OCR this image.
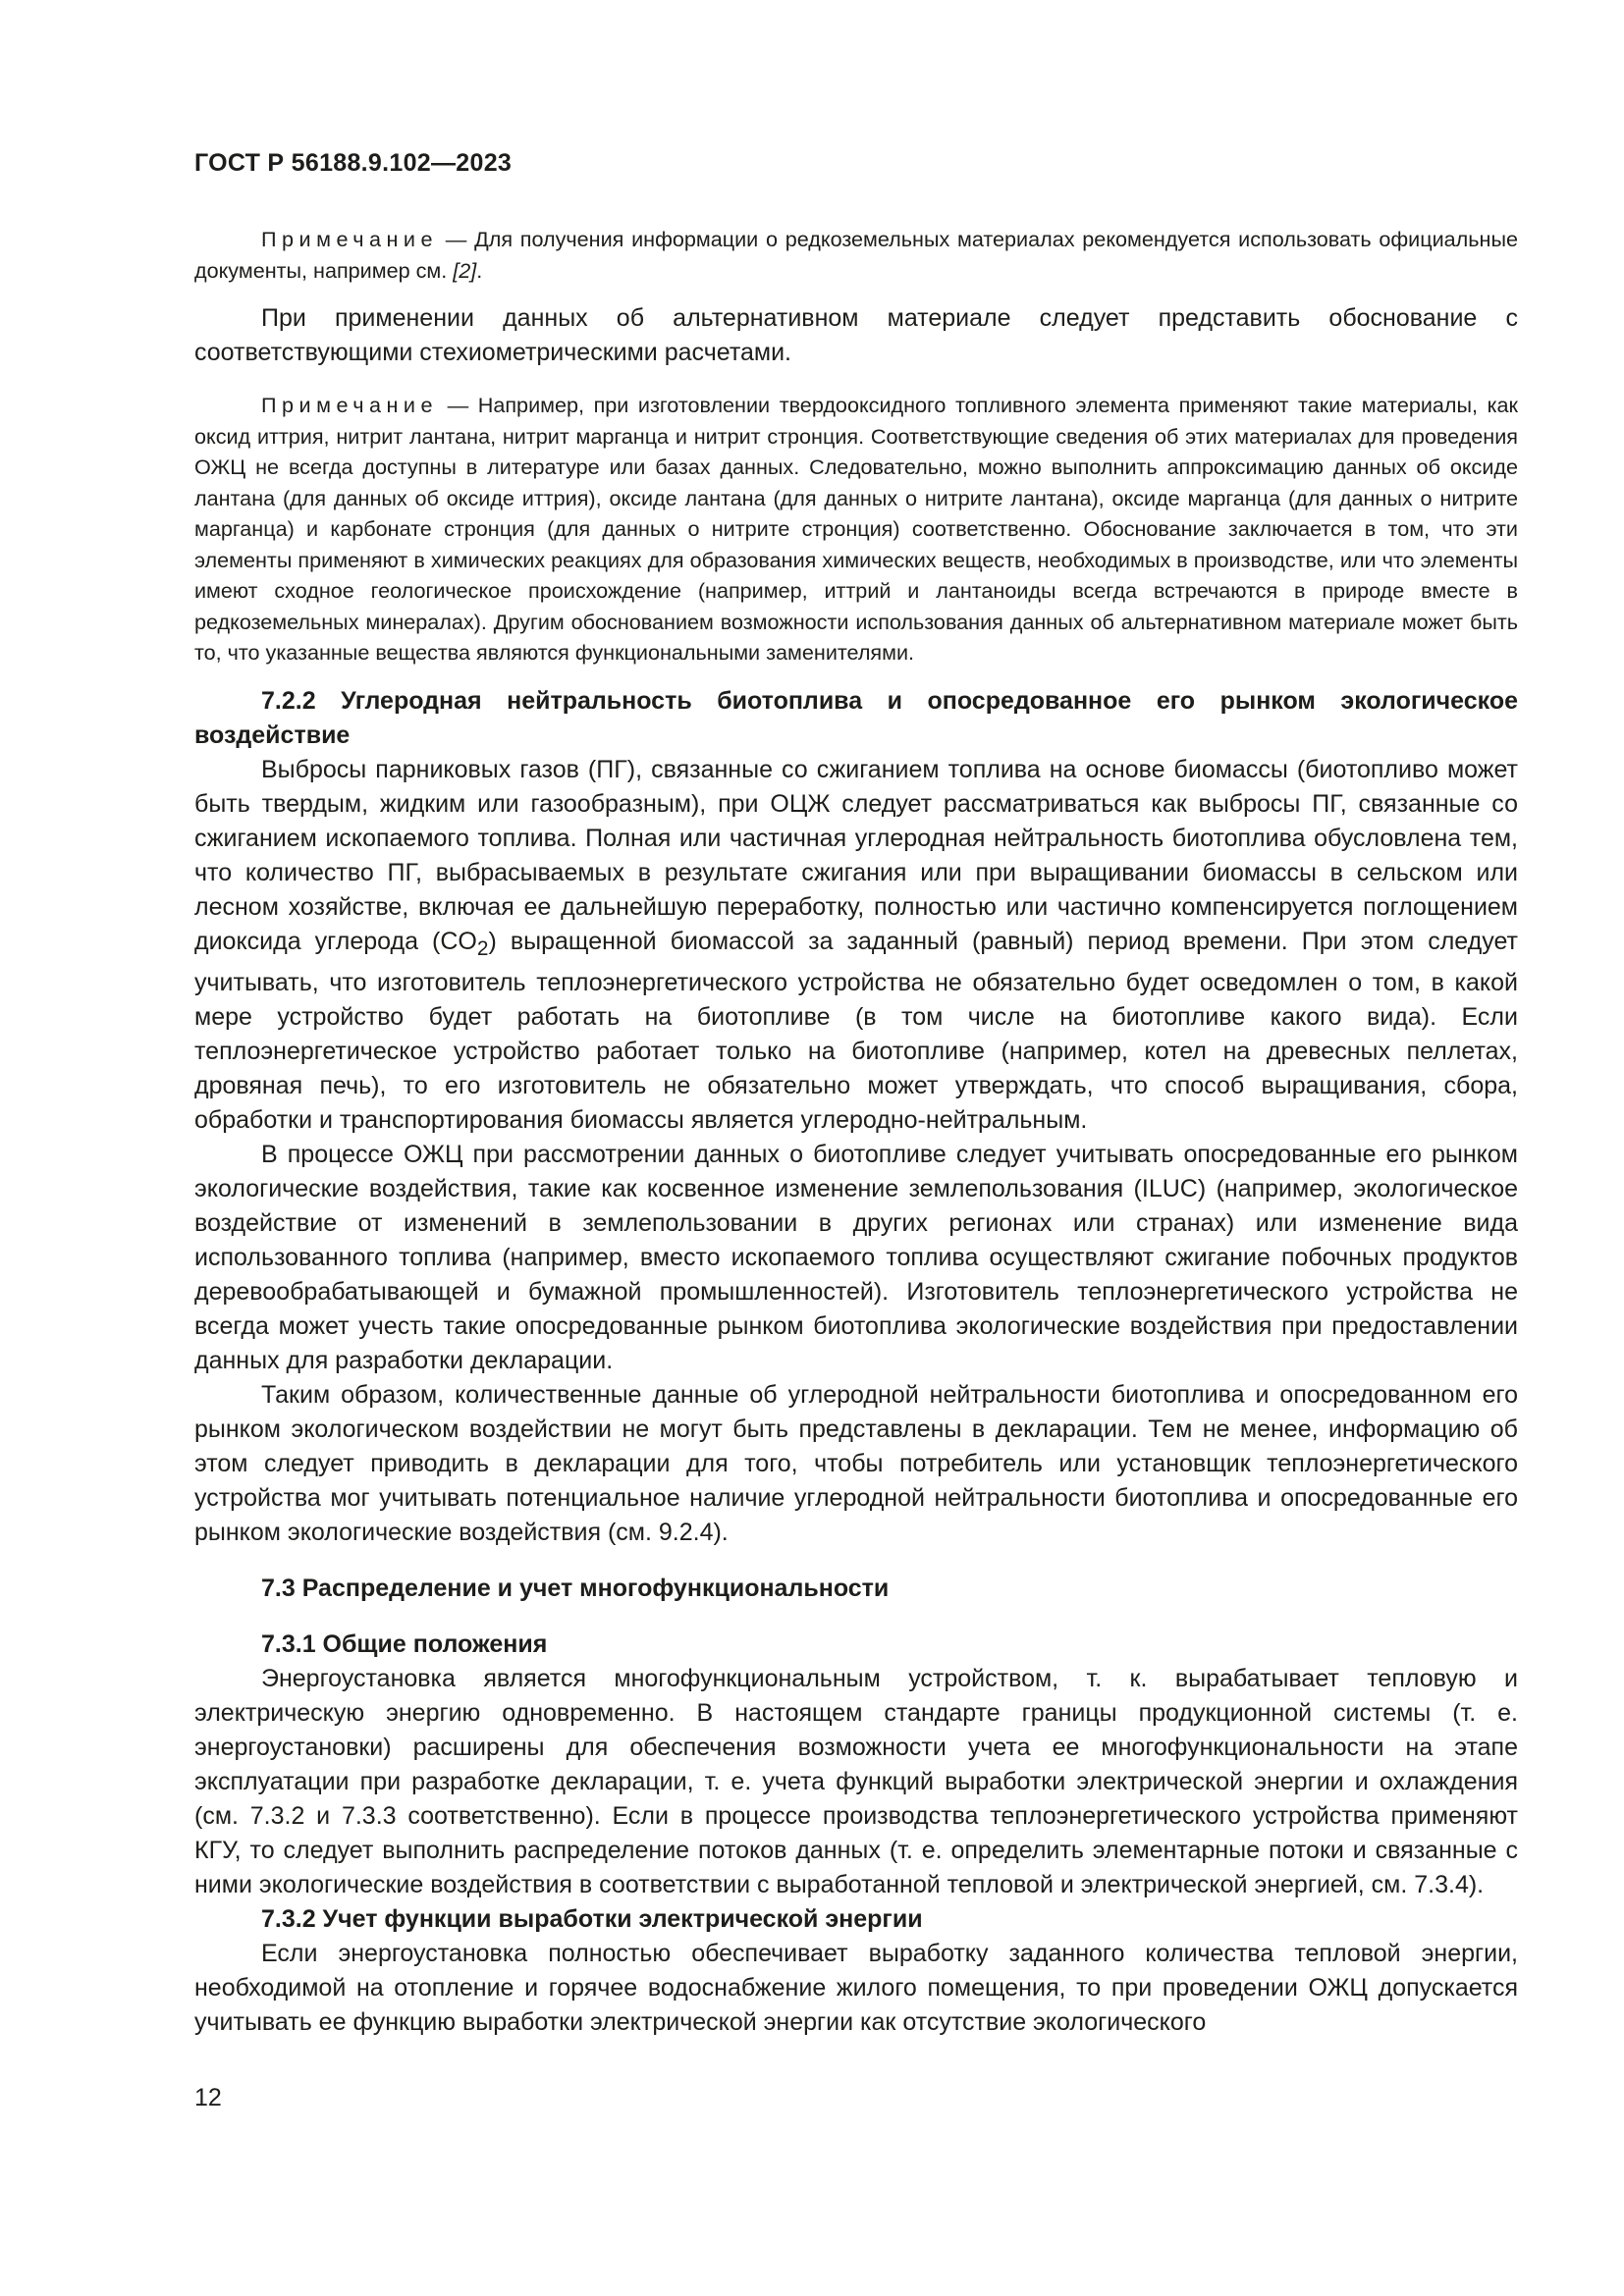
ГОСТ Р 56188.9.102—2023

Примечание — Для получения информации о редкоземельных материалах рекомендуется использовать официальные документы, например см. [2].

При применении данных об альтернативном материале следует представить обоснование с соответствующими стехиометрическими расчетами.

Примечание — Например, при изготовлении твердооксидного топливного элемента применяют такие материалы, как оксид иттрия, нитрит лантана, нитрит марганца и нитрит стронция. Соответствующие сведения об этих материалах для проведения ОЖЦ не всегда доступны в литературе или базах данных. Следовательно, можно выполнить аппроксимацию данных об оксиде лантана (для данных об оксиде иттрия), оксиде лантана (для данных о нитрите лантана), оксиде марганца (для данных о нитрите марганца) и карбонате стронция (для данных о нитрите стронция) соответственно. Обоснование заключается в том, что эти элементы применяют в химических реакциях для образования химических веществ, необходимых в производстве, или что элементы имеют сходное геологическое происхождение (например, иттрий и лантаноиды всегда встречаются в природе вместе в редкоземельных минералах). Другим обоснованием возможности использования данных об альтернативном материале может быть то, что указанные вещества являются функциональными заменителями.

7.2.2 Углеродная нейтральность биотоплива и опосредованное его рынком экологическое воздействие

Выбросы парниковых газов (ПГ), связанные со сжиганием топлива на основе биомассы (биотопливо может быть твердым, жидким или газообразным), при ОЦЖ следует рассматриваться как выбросы ПГ, связанные со сжиганием ископаемого топлива. Полная или частичная углеродная нейтральность биотоплива обусловлена тем, что количество ПГ, выбрасываемых в результате сжигания или при выращивании биомассы в сельском или лесном хозяйстве, включая ее дальнейшую переработку, полностью или частично компенсируется поглощением диоксида углерода $(CO_2)$ выращенной биомассой за заданный (равный) период времени. При этом следует учитывать, что изготовитель теплоэнергетического устройства не обязательно будет осведомлен о том, в какой мере устройство будет работать на биотопливе (в том числе на биотопливе какого вида). Если теплоэнергетическое устройство работает только на биотопливе (например, котел на древесных пеллетах, дровяная печь), то его изготовитель не обязательно может утверждать, что способ выращивания, сбора, обработки и транспортирования биомассы является углеродно-нейтральным.

В процессе ОЖЦ при рассмотрении данных о биотопливе следует учитывать опосредованные его рынком экологические воздействия, такие как косвенное изменение землепользования (ILUC) (например, экологическое воздействие от изменений в землепользовании в других регионах или странах) или изменение вида использованного топлива (например, вместо ископаемого топлива осуществляют сжигание побочных продуктов деревообрабатывающей и бумажной промышленностей). Изготовитель теплоэнергетического устройства не всегда может учесть такие опосредованные рынком биотоплива экологические воздействия при предоставлении данных для разработки декларации.

Таким образом, количественные данные об углеродной нейтральности биотоплива и опосредованном его рынком экологическом воздействии не могут быть представлены в декларации. Тем не менее, информацию об этом следует приводить в декларации для того, чтобы потребитель или установщик теплоэнергетического устройства мог учитывать потенциальное наличие углеродной нейтральности биотоплива и опосредованные его рынком экологические воздействия (см. 9.2.4).

7.3 Распределение и учет многофункциональности

7.3.1 Общие положения

Энергоустановка является многофункциональным устройством, т. к. вырабатывает тепловую и электрическую энергию одновременно. В настоящем стандарте границы продукционной системы (т. е. энергоустановки) расширены для обеспечения возможности учета ее многофункциональности на этапе эксплуатации при разработке декларации, т. е. учета функций выработки электрической энергии и охлаждения (см. 7.3.2 и 7.3.3 соответственно). Если в процессе производства теплоэнергетического устройства применяют КГУ, то следует выполнить распределение потоков данных (т. е. определить элементарные потоки и связанные с ними экологические воздействия в соответствии с выработанной тепловой и электрической энергией, см. 7.3.4).

7.3.2 Учет функции выработки электрической энергии

Если энергоустановка полностью обеспечивает выработку заданного количества тепловой энергии, необходимой на отопление и горячее водоснабжение жилого помещения, то при проведении ОЖЦ допускается учитывать ее функцию выработки электрической энергии как отсутствие экологического

12
